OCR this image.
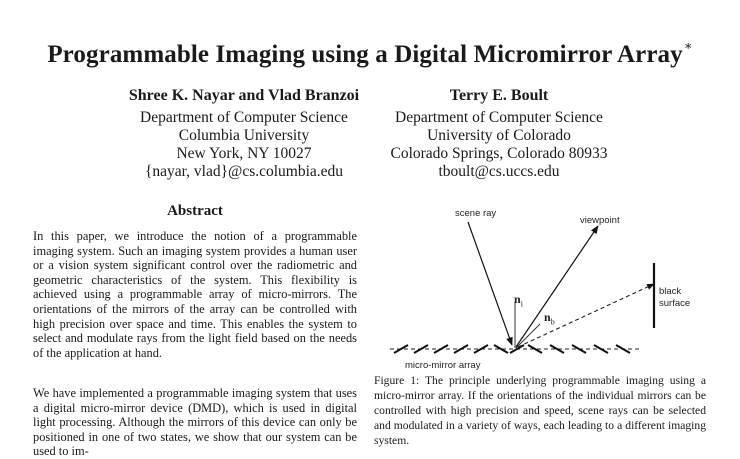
Programmable Imaging using a Digital Micromirror Array∗
Shree K. Nayar and Vlad Branzoi
Department of Computer Science
Columbia University
New York, NY 10027
{nayar, vlad}@cs.columbia.edu
Terry E. Boult
Department of Computer Science
University of Colorado
Colorado Springs, Colorado 80933
tboult@cs.uccs.edu
Abstract
In this paper, we introduce the notion of a programmable imaging system. Such an imaging system provides a human user or a vision system significant control over the radiometric and geometric characteristics of the system. This flexibility is achieved using a programmable array of micro-mirrors. The orientations of the mirrors of the array can be controlled with high precision over space and time. This enables the system to select and modulate rays from the light field based on the needs of the application at hand.
We have implemented a programmable imaging system that uses a digital micro-mirror device (DMD), which is used in digital light processing. Although the mirrors of this device can only be positioned in one of two states, we show that our system can be used to im-
scene ray
viewpoint
black
surface
$n_i$
$n_b$
micro-mirror array
Figure 1: The principle underlying programmable imaging using a micro-mirror array. If the orientations of the individual mirrors can be controlled with high precision and speed, scene rays can be selected and modulated in a variety of ways, each leading to a different imaging system.
